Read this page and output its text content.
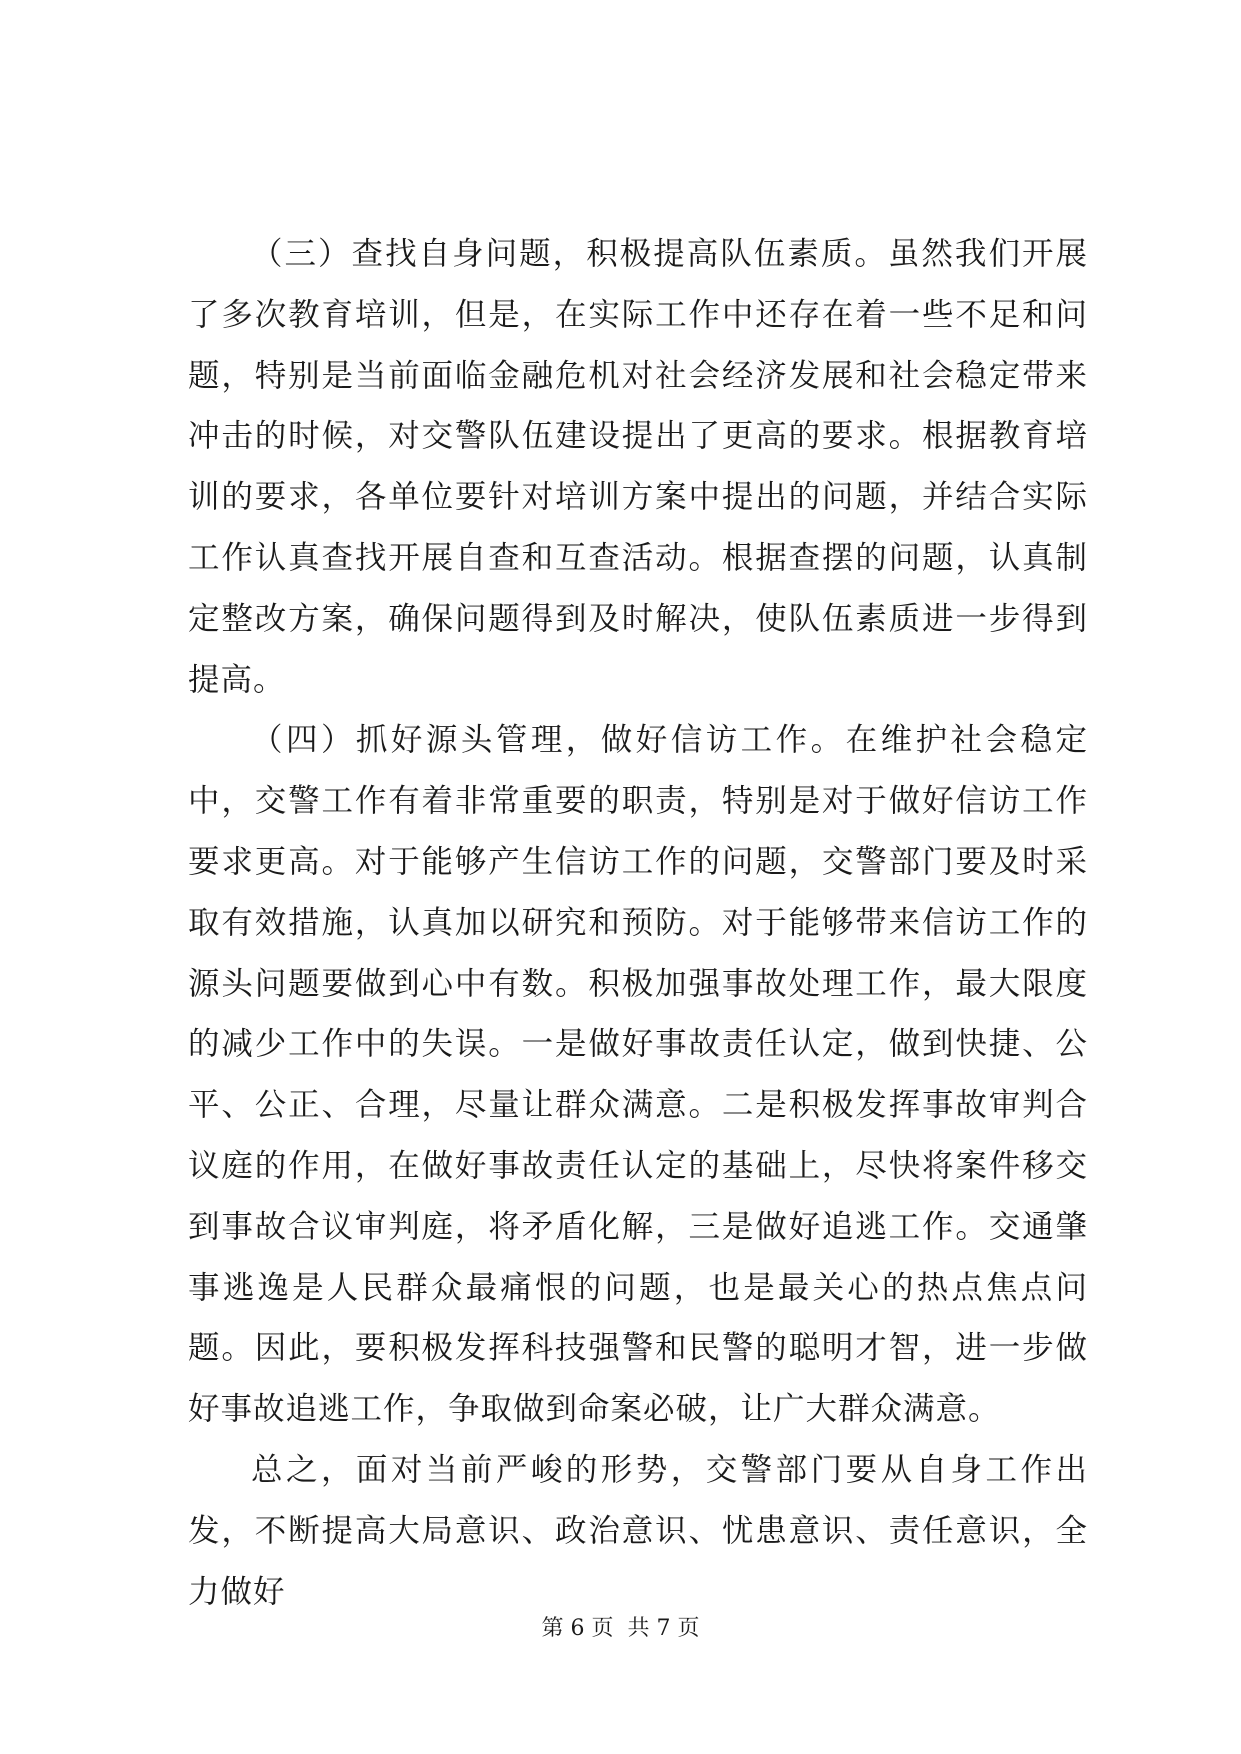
（三）查找自身问题，积极提高队伍素质。虽然我们开展了多次教育培训，但是，在实际工作中还存在着一些不足和问题，特别是当前面临金融危机对社会经济发展和社会稳定带来冲击的时候，对交警队伍建设提出了更高的要求。根据教育培训的要求，各单位要针对培训方案中提出的问题，并结合实际工作认真查找开展自查和互查活动。根据查摆的问题，认真制定整改方案，确保问题得到及时解决，使队伍素质进一步得到提高。

（四）抓好源头管理，做好信访工作。在维护社会稳定中，交警工作有着非常重要的职责，特别是对于做好信访工作要求更高。对于能够产生信访工作的问题，交警部门要及时采取有效措施，认真加以研究和预防。对于能够带来信访工作的源头问题要做到心中有数。积极加强事故处理工作，最大限度的减少工作中的失误。一是做好事故责任认定，做到快捷、公平、公正、合理，尽量让群众满意。二是积极发挥事故审判合议庭的作用，在做好事故责任认定的基础上，尽快将案件移交到事故合议审判庭，将矛盾化解，三是做好追逃工作。交通肇事逃逸是人民群众最痛恨的问题，也是最关心的热点焦点问题。因此，要积极发挥科技强警和民警的聪明才智，进一步做好事故追逃工作，争取做到命案必破，让广大群众满意。

总之，面对当前严峻的形势，交警部门要从自身工作出发，不断提高大局意识、政治意识、忧患意识、责任意识，全力做好

第 6 页  共 7 页
